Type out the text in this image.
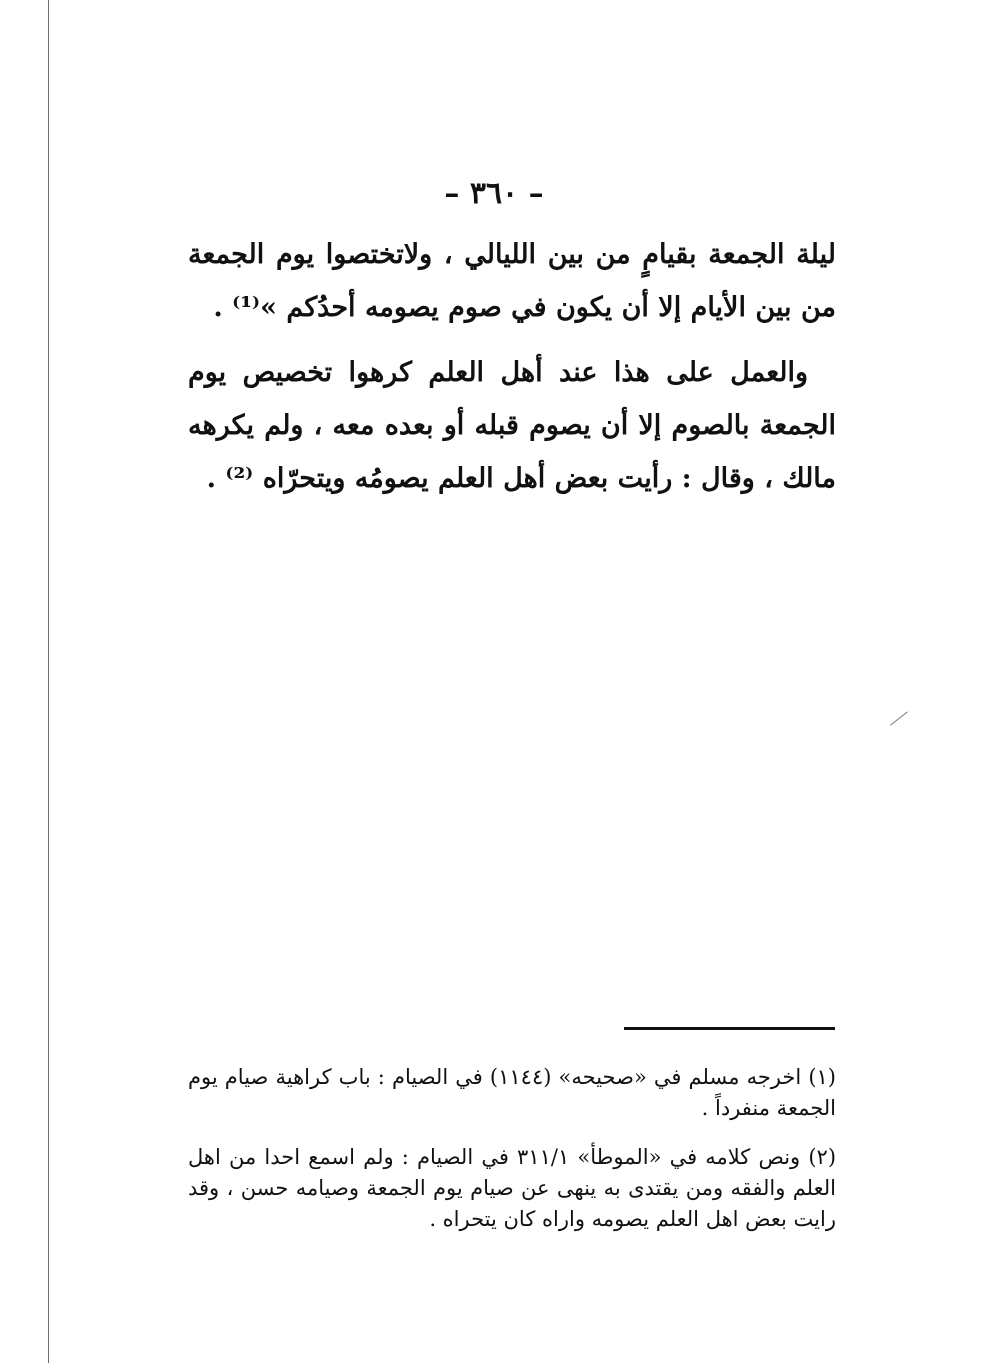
– ٣٦٠ –

ليلة الجمعة بقيامٍ من بين الليالي ، ولاتختصوا يوم الجمعة من بين الأيام إلا أن يكون في صوم يصومه أحدُكم »⁽¹⁾ .

والعمل على هذا عند أهل العلم كرهوا تخصيص يوم الجمعة بالصوم إلا أن يصوم قبله أو بعده معه ، ولم يكرهه مالك ، وقال : رأيت بعض أهل العلم يصومُه ويتحرّاه ⁽²⁾ .

(١) اخرجه مسلم في «صحيحه» (١١٤٤) في الصيام : باب كراهية صيام يوم الجمعة منفرداً .

(٢) ونص كلامه في «الموطأ» ٣١١/١ في الصيام : ولم اسمع احدا من اهل العلم والفقه ومن يقتدى به ينهى عن صيام يوم الجمعة وصيامه حسن ، وقد رايت بعض اهل العلم يصومه واراه كان يتحراه .
